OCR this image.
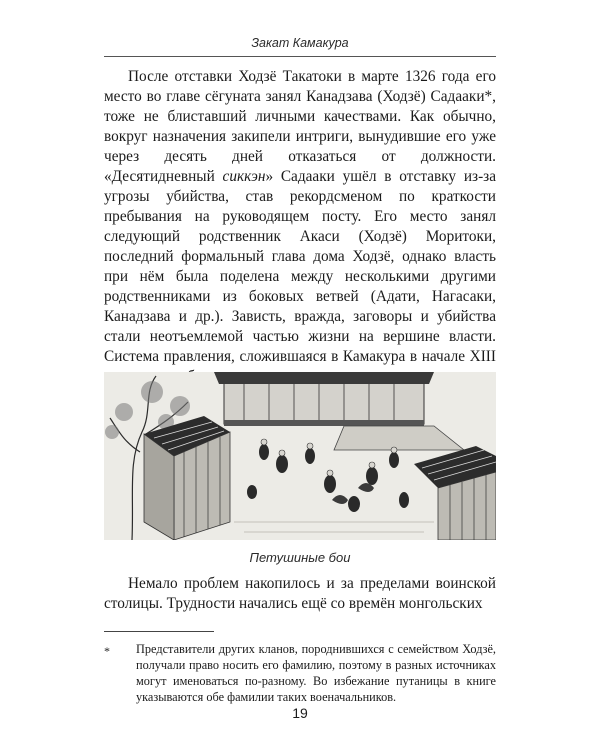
Закат Камакура

После отставки Ходзё Такатоки в марте 1326 года его место во главе сёгуната занял Канадзава (Ходзё) Садааки*, тоже не блиставший личными качествами. Как обычно, вокруг назначения закипели интриги, вынудившие его уже через десять дней отказаться от должности. «Десятидневный сиккэн» Садааки ушёл в отставку из-за угрозы убийства, став рекордсменом по краткости пребывания на руководящем посту. Его место занял следующий родственник Акаси (Ходзё) Моритоки, последний формальный глава дома Ходзё, однако власть при нём была поделена между несколькими другими родственниками из боковых ветвей (Адати, Нагасаки, Канадзава и др.). Зависть, вражда, заговоры и убийства стали неотъемлемой частью жизни на вершине власти. Система правления, сложившаяся в Камакура в начале XIII

Петушиные бои

Немало проблем накопилось и за пределами воинской столицы. Трудности начались ещё со времён монгольских

* Представители других кланов, породнившихся с семейством Ходзё, получали право носить его фамилию, поэтому в разных источниках могут именоваться по-разному. Во избежание путаницы в книге указываются обе фамилии таких военачальников.
19
